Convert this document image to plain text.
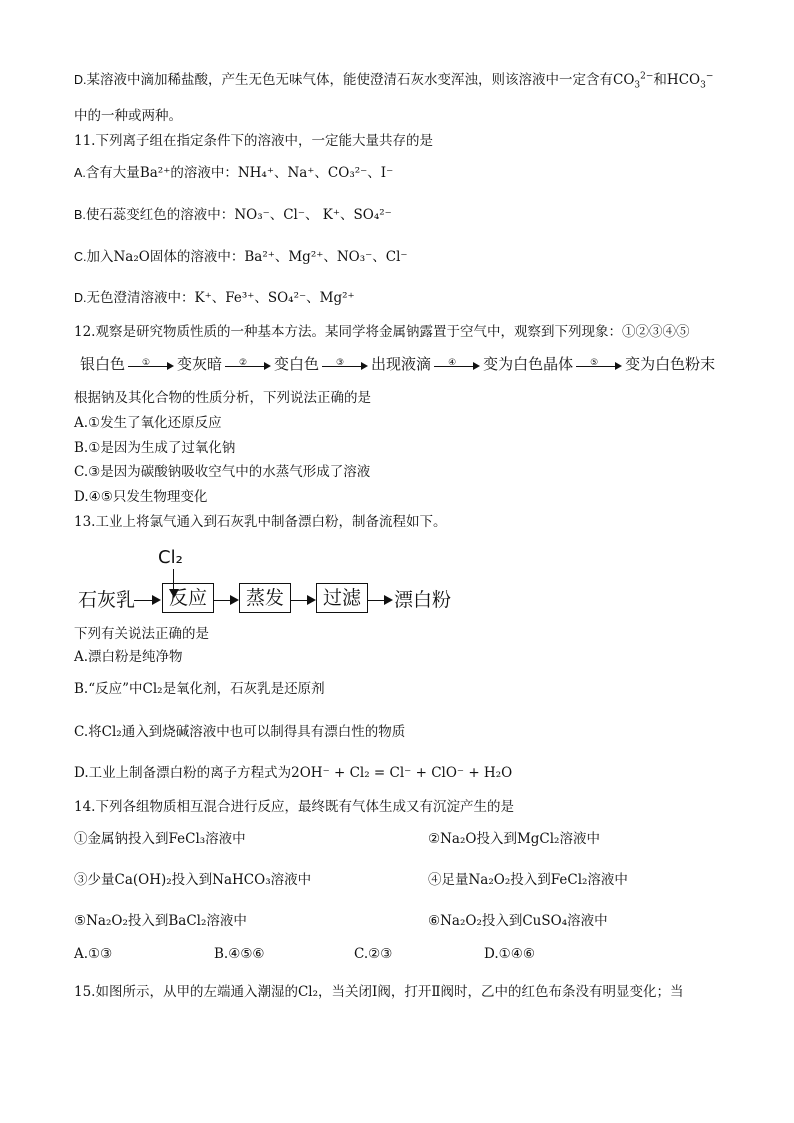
D.某溶液中滴加稀盐酸，产生无色无味气体，能使澄清石灰水变浑浊，则该溶液中一定含有$CO_3^{2-}$和$HCO_3^-$
中的一种或两种。
11.下列离子组在指定条件下的溶液中，一定能大量共存的是
A.含有大量Ba²⁺的溶液中：NH₄⁺、Na⁺、CO₃²⁻、I⁻
B.使石蕊变红色的溶液中：NO₃⁻、Cl⁻、 K⁺、SO₄²⁻
C.加入Na₂O固体的溶液中：Ba²⁺、Mg²⁺、NO₃⁻、Cl⁻
D.无色澄清溶液中：K⁺、Fe³⁺、SO₄²⁻、Mg²⁺
12.观察是研究物质性质的一种基本方法。某同学将金属钠露置于空气中，观察到下列现象：①②③④⑤
银白色 ① 变灰暗 ② 变白色 ③ 出现液滴 ④ 变为白色晶体 ⑤ 变为白色粉末
根据钠及其化合物的性质分析，下列说法正确的是
A.①发生了氧化还原反应
B.①是因为生成了过氧化钠
C.③是因为碳酸钠吸收空气中的水蒸气形成了溶液
D.④⑤只发生物理变化
13.工业上将氯气通入到石灰乳中制备漂白粉，制备流程如下。
Cl₂
石灰乳	反应	蒸发	过滤	漂白粉
下列有关说法正确的是
A.漂白粉是纯净物
B.“反应”中Cl₂是氧化剂，石灰乳是还原剂
C.将Cl₂通入到烧碱溶液中也可以制得具有漂白性的物质
D.工业上制备漂白粉的离子方程式为2OH⁻ + Cl₂ = Cl⁻ + ClO⁻ + H₂O
14.下列各组物质相互混合进行反应，最终既有气体生成又有沉淀产生的是
①金属钠投入到FeCl₃溶液中	②Na₂O投入到MgCl₂溶液中
③少量Ca(OH)₂投入到NaHCO₃溶液中	④足量Na₂O₂投入到FeCl₂溶液中
⑤Na₂O₂投入到BaCl₂溶液中	⑥Na₂O₂投入到CuSO₄溶液中
A.①③	B.④⑤⑥	C.②③	D.①④⑥
15.如图所示，从甲的左端通入潮湿的Cl₂，当关闭Ⅰ阀，打开Ⅱ阀时，乙中的红色布条没有明显变化；当
